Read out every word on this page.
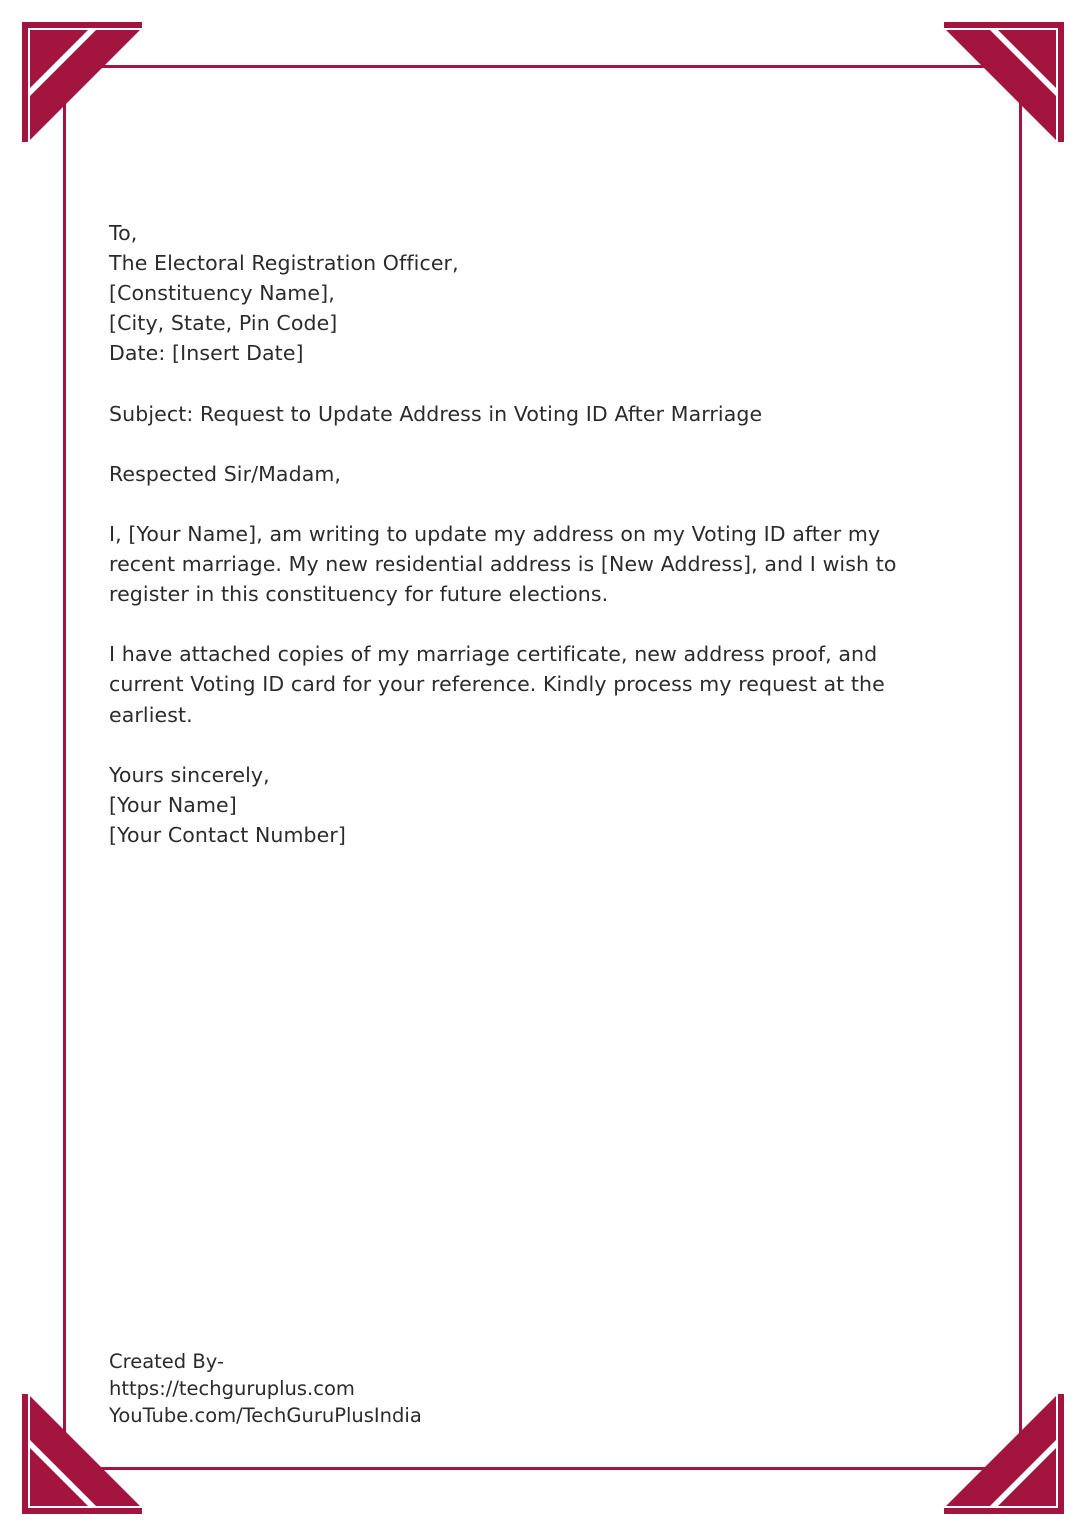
To,
The Electoral Registration Officer,
[Constituency Name],
[City, State, Pin Code]
Date: [Insert Date]

Subject: Request to Update Address in Voting ID After Marriage

Respected Sir/Madam,

I, [Your Name], am writing to update my address on my Voting ID after my
recent marriage. My new residential address is [New Address], and I wish to
register in this constituency for future elections.

I have attached copies of my marriage certificate, new address proof, and
current Voting ID card for your reference. Kindly process my request at the
earliest.

Yours sincerely,
[Your Name]
[Your Contact Number]

Created By-
https://techguruplus.com
YouTube.com/TechGuruPlusIndia
